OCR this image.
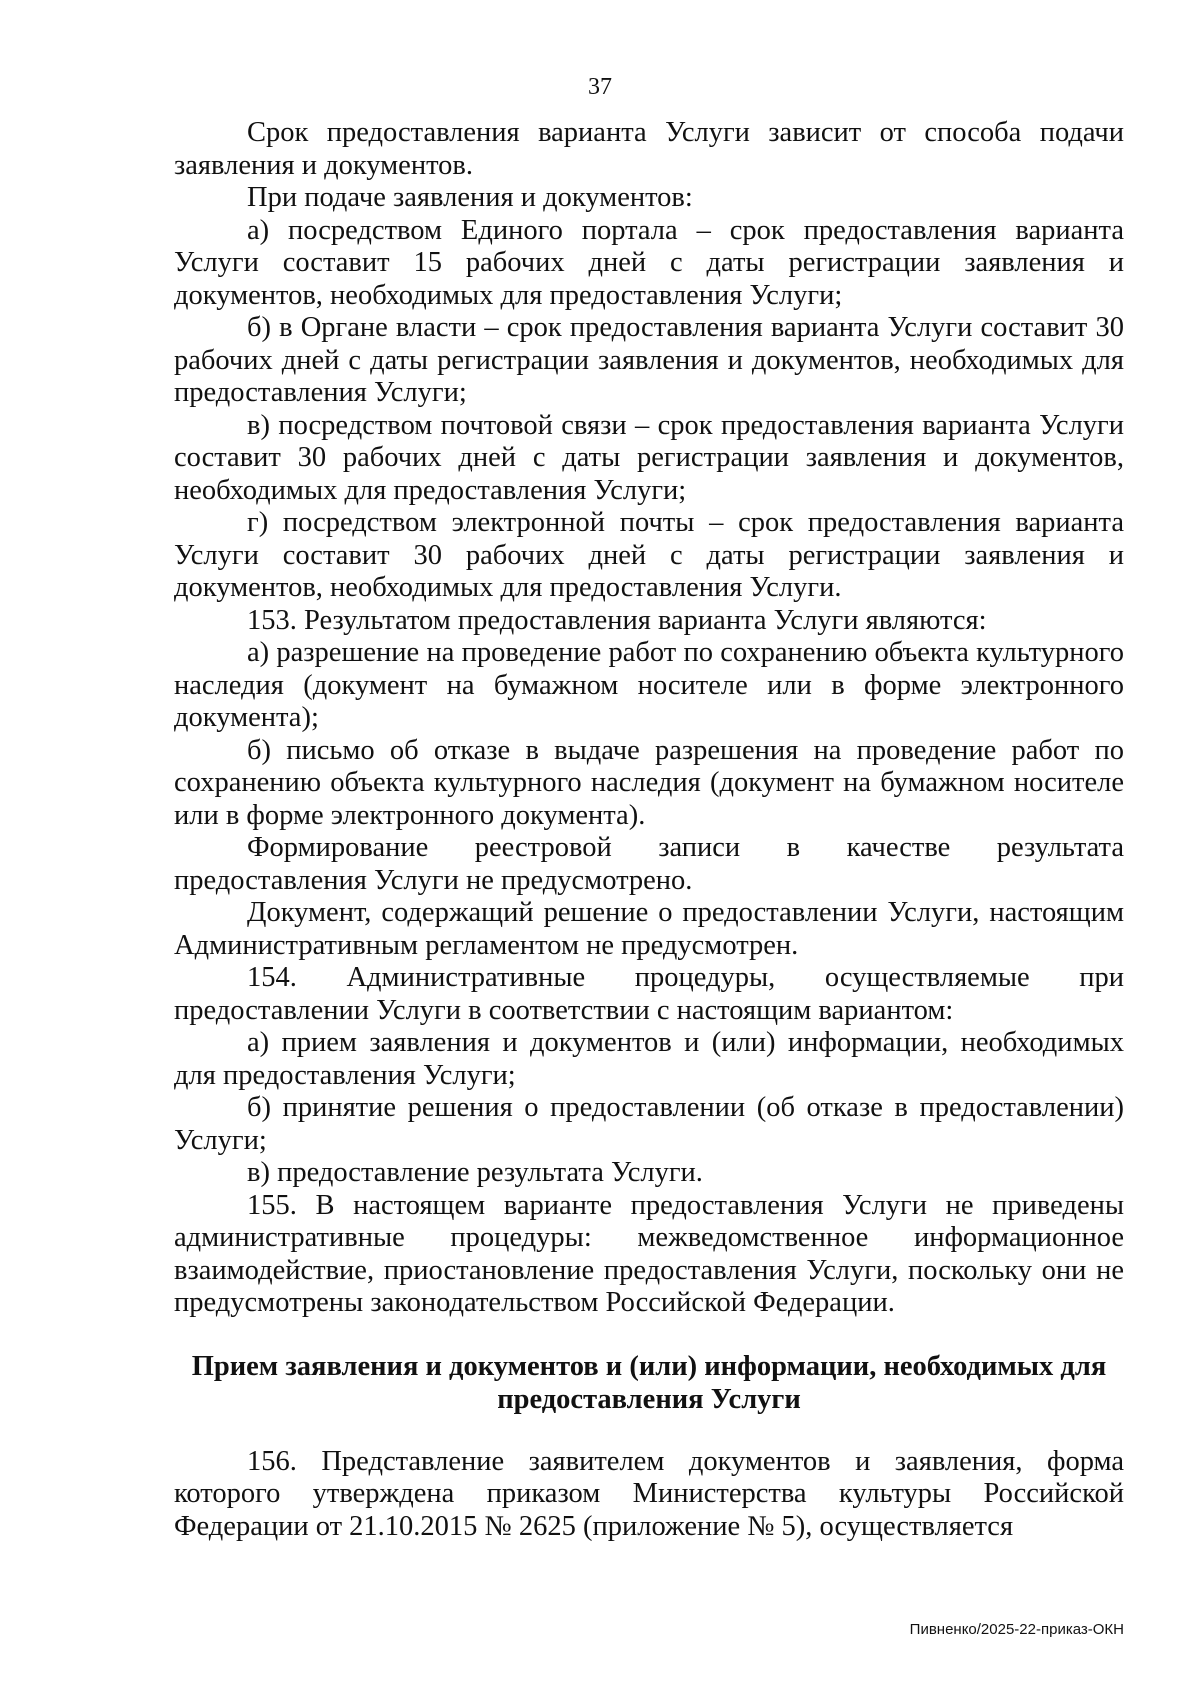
37

Срок предоставления варианта Услуги зависит от способа подачи заявления и документов.

При подаче заявления и документов:

а) посредством Единого портала – срок предоставления варианта Услуги составит 15 рабочих дней с даты регистрации заявления и документов, необходимых для предоставления Услуги;

б) в Органе власти – срок предоставления варианта Услуги составит 30 рабочих дней с даты регистрации заявления и документов, необходимых для предоставления Услуги;

в) посредством почтовой связи – срок предоставления варианта Услуги составит 30 рабочих дней с даты регистрации заявления и документов, необходимых для предоставления Услуги;

г) посредством электронной почты – срок предоставления варианта Услуги составит 30 рабочих дней с даты регистрации заявления и документов, необходимых для предоставления Услуги.

153. Результатом предоставления варианта Услуги являются:

а) разрешение на проведение работ по сохранению объекта культурного наследия (документ на бумажном носителе или в форме электронного документа);

б) письмо об отказе в выдаче разрешения на проведение работ по сохранению объекта культурного наследия (документ на бумажном носителе или в форме электронного документа).

Формирование реестровой записи в качестве результата предоставления Услуги не предусмотрено.

Документ, содержащий решение о предоставлении Услуги, настоящим Административным регламентом не предусмотрен.

154. Административные процедуры, осуществляемые при предоставлении Услуги в соответствии с настоящим вариантом:

а) прием заявления и документов и (или) информации, необходимых для предоставления Услуги;

б) принятие решения о предоставлении (об отказе в предоставлении) Услуги;

в) предоставление результата Услуги.

155. В настоящем варианте предоставления Услуги не приведены административные процедуры: межведомственное информационное взаимодействие, приостановление предоставления Услуги, поскольку они не предусмотрены законодательством Российской Федерации.

Прием заявления и документов и (или) информации, необходимых для предоставления Услуги

156. Представление заявителем документов и заявления, форма которого утверждена приказом Министерства культуры Российской Федерации от 21.10.2015 № 2625 (приложение № 5), осуществляется

Пивненко/2025-22-приказ-ОКН
